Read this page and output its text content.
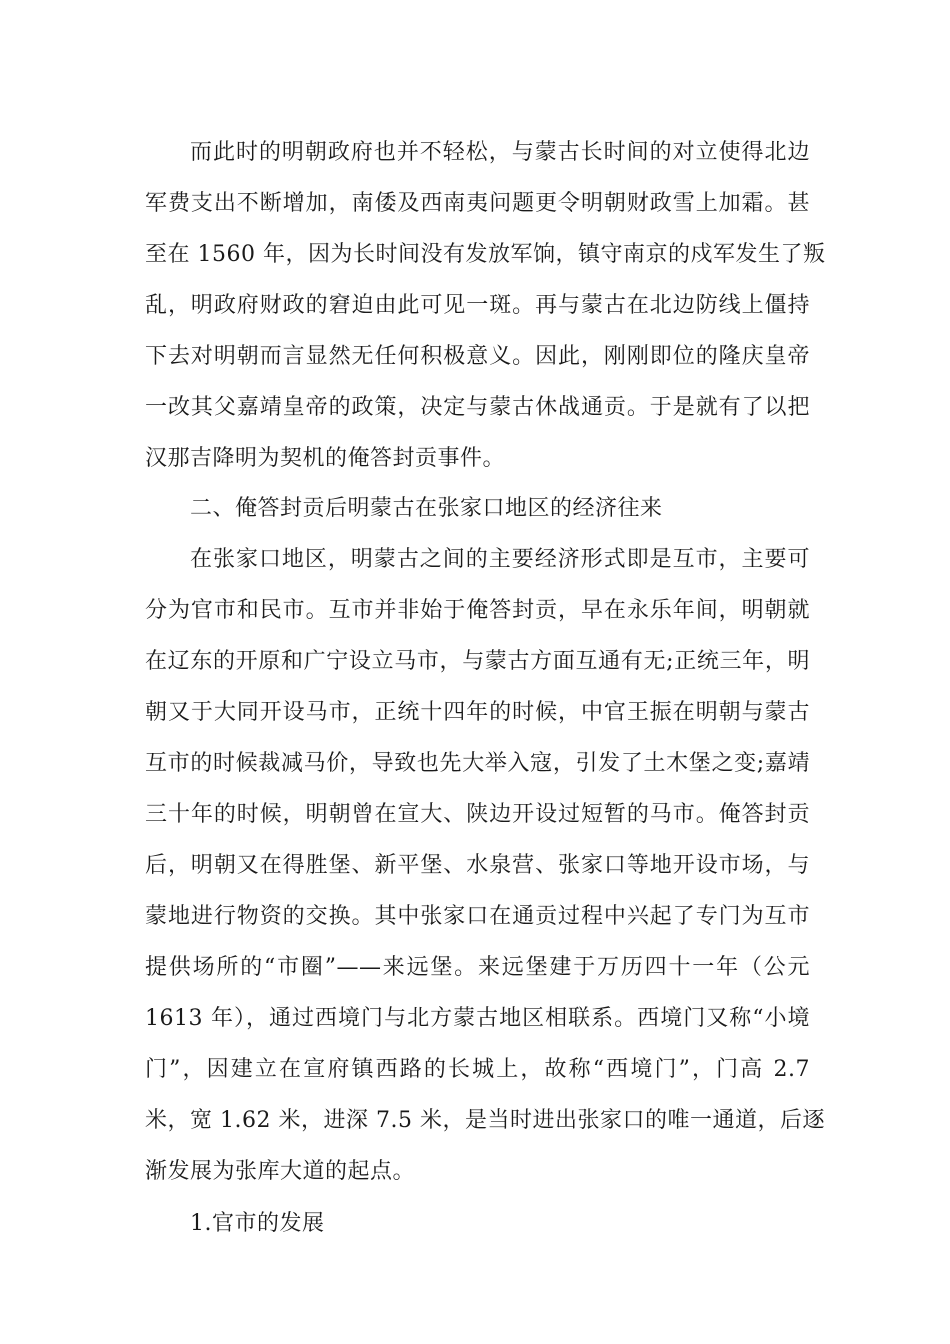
而此时的明朝政府也并不轻松，与蒙古长时间的对立使得北边
军费支出不断增加，南倭及西南夷问题更令明朝财政雪上加霜。甚
至在 1560 年，因为长时间没有发放军饷，镇守南京的戍军发生了叛
乱，明政府财政的窘迫由此可见一斑。再与蒙古在北边防线上僵持
下去对明朝而言显然无任何积极意义。因此，刚刚即位的隆庆皇帝
一改其父嘉靖皇帝的政策，决定与蒙古休战通贡。于是就有了以把
汉那吉降明为契机的俺答封贡事件。
二、俺答封贡后明蒙古在张家口地区的经济往来
在张家口地区，明蒙古之间的主要经济形式即是互市，主要可
分为官市和民市。互市并非始于俺答封贡，早在永乐年间，明朝就
在辽东的开原和广宁设立马市，与蒙古方面互通有无;正统三年，明
朝又于大同开设马市，正统十四年的时候，中官王振在明朝与蒙古
互市的时候裁减马价，导致也先大举入寇，引发了土木堡之变;嘉靖
三十年的时候，明朝曾在宣大、陕边开设过短暂的马市。俺答封贡
后，明朝又在得胜堡、新平堡、水泉营、张家口等地开设市场，与
蒙地进行物资的交换。其中张家口在通贡过程中兴起了专门为互市
提供场所的“市圈”——来远堡。来远堡建于万历四十一年（公元
1613 年），通过西境门与北方蒙古地区相联系。西境门又称“小境
门”，因建立在宣府镇西路的长城上，故称“西境门”，门高 2.7
米，宽 1.62 米，进深 7.5 米，是当时进出张家口的唯一通道，后逐
渐发展为张库大道的起点。
1.官市的发展
